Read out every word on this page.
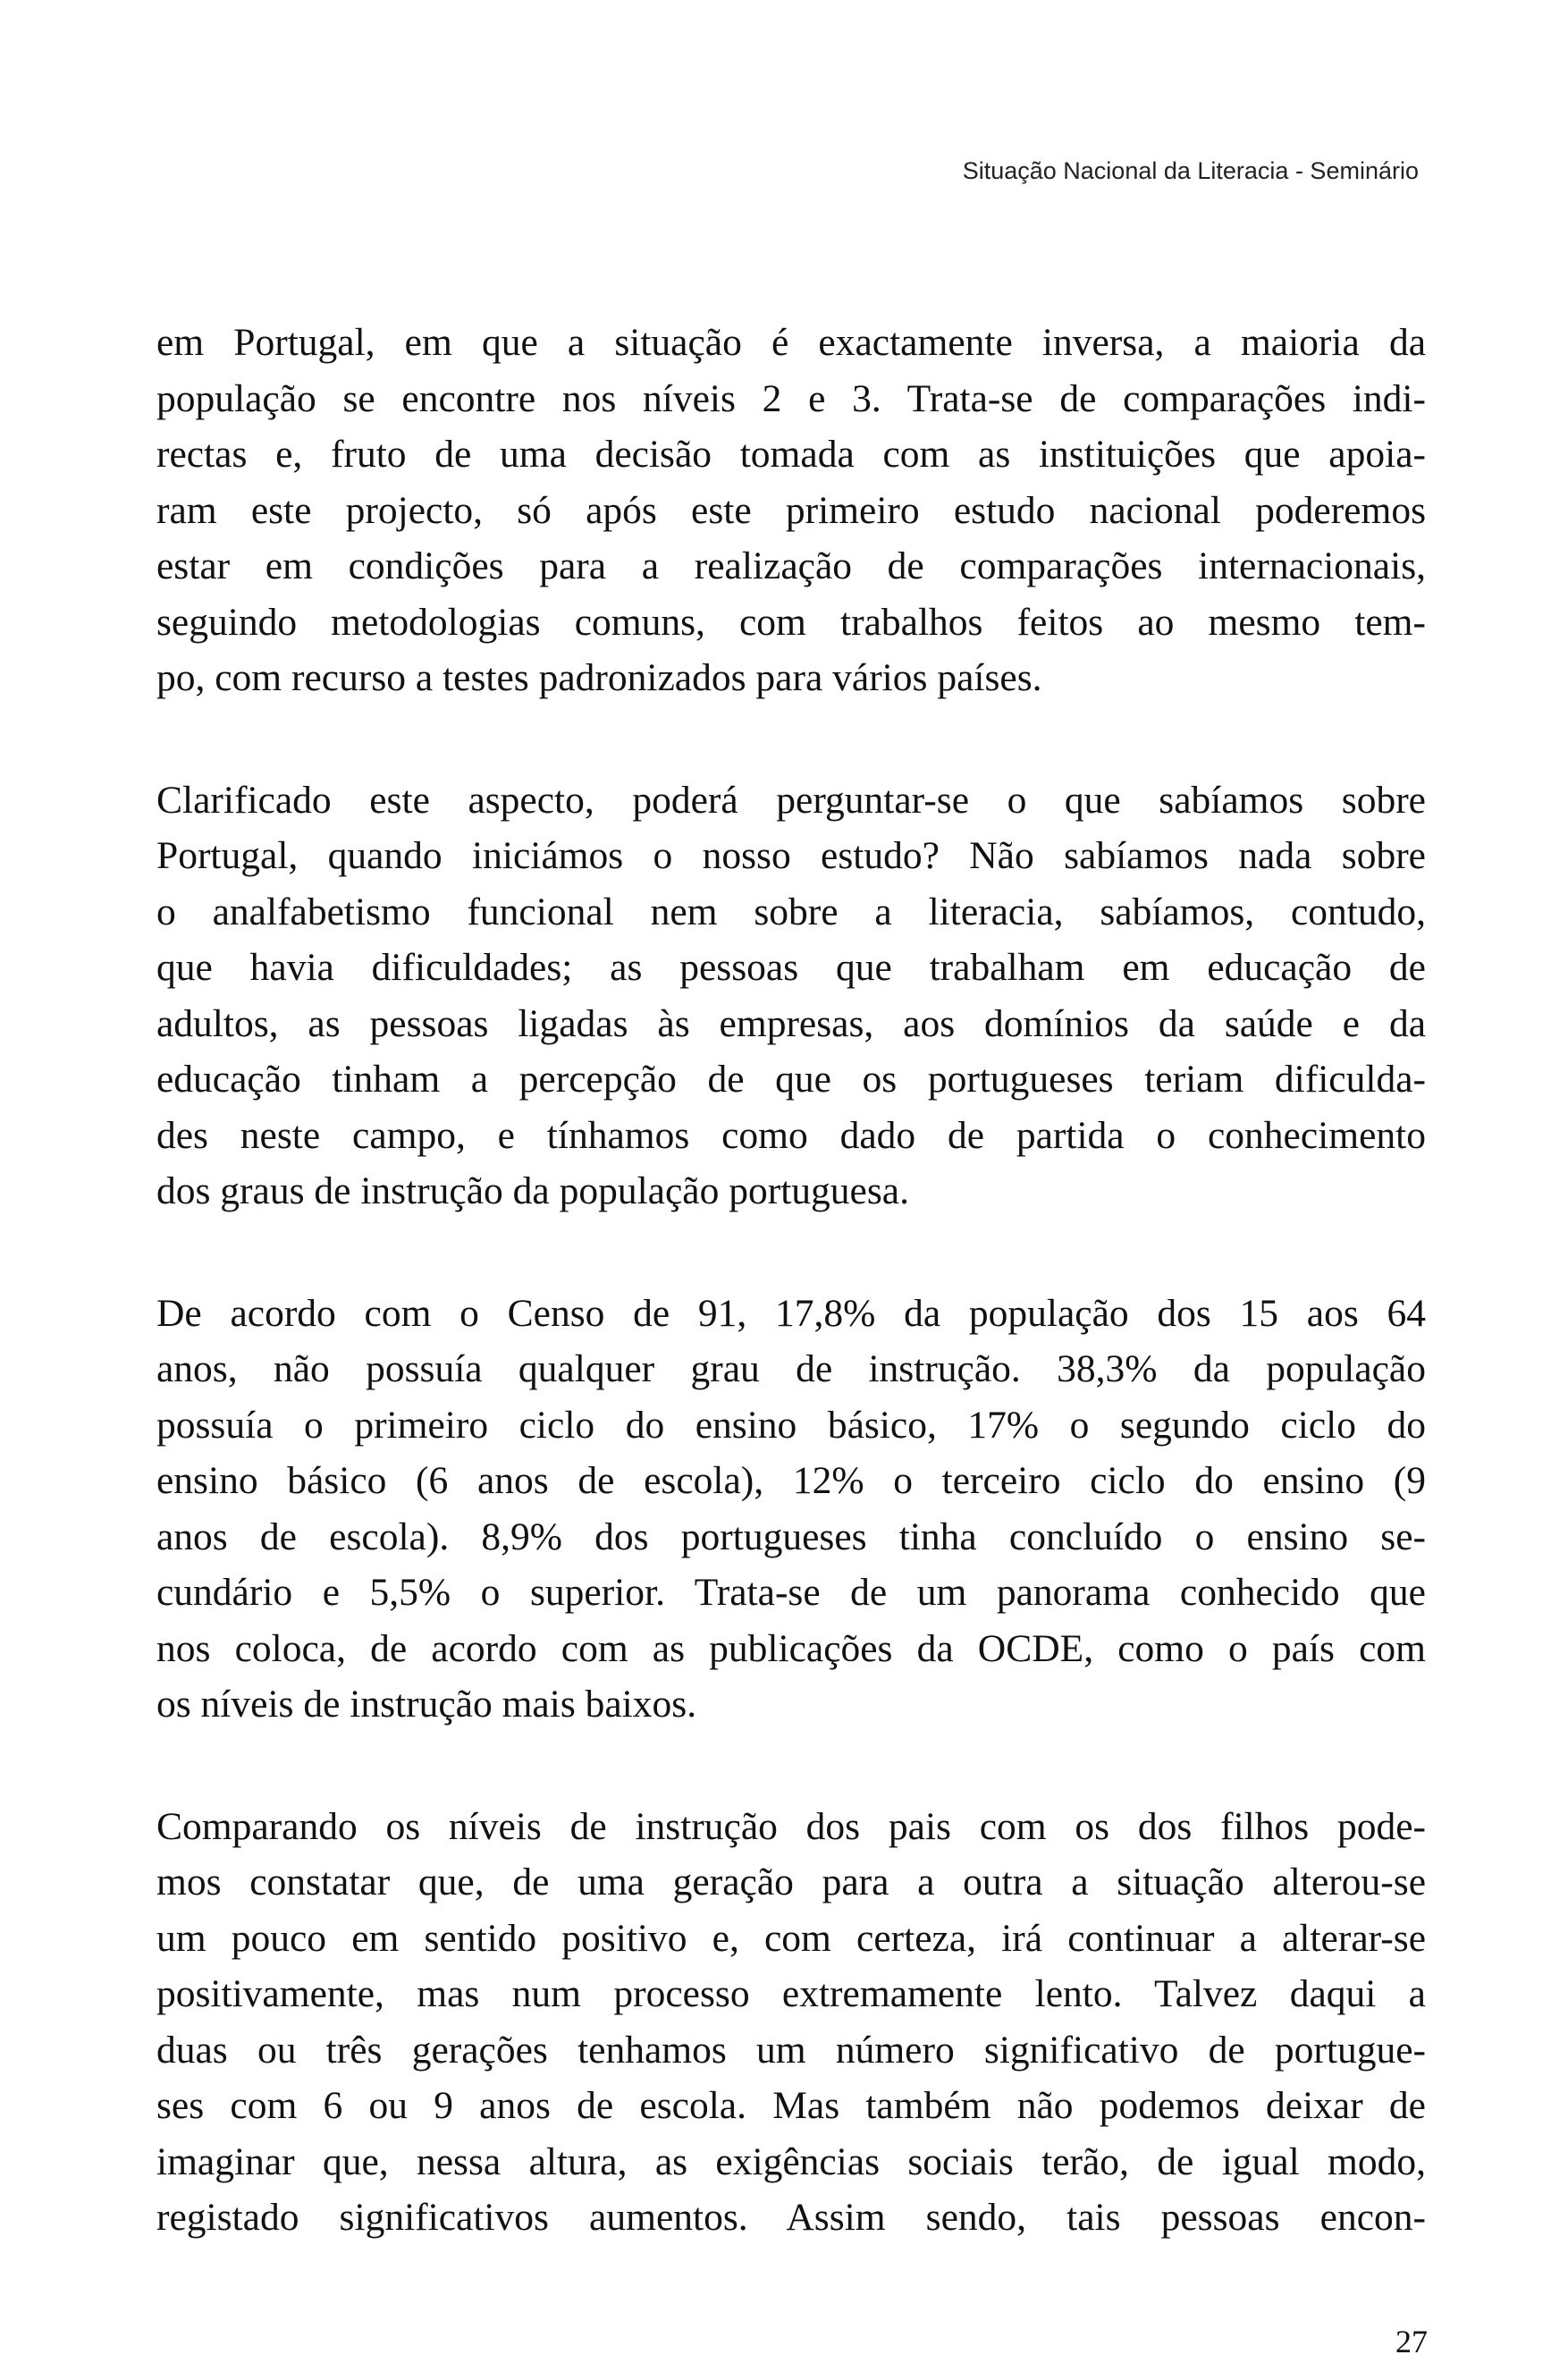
Situação Nacional da Literacia - Seminário

em Portugal, em que a situação é exactamente inversa, a maioria da
população se encontre nos níveis 2 e 3. Trata-se de comparações indi-
rectas e, fruto de uma decisão tomada com as instituições que apoia-
ram este projecto, só após este primeiro estudo nacional poderemos
estar em condições para a realização de comparações internacionais,
seguindo metodologias comuns, com trabalhos feitos ao mesmo tem-
po, com recurso a testes padronizados para vários países.

Clarificado este aspecto, poderá perguntar-se o que sabíamos sobre
Portugal, quando iniciámos o nosso estudo? Não sabíamos nada sobre
o analfabetismo funcional nem sobre a literacia, sabíamos, contudo,
que havia dificuldades; as pessoas que trabalham em educação de
adultos, as pessoas ligadas às empresas, aos domínios da saúde e da
educação tinham a percepção de que os portugueses teriam dificulda-
des neste campo, e tínhamos como dado de partida o conhecimento
dos graus de instrução da população portuguesa.

De acordo com o Censo de 91, 17,8% da população dos 15 aos 64
anos, não possuía qualquer grau de instrução. 38,3% da população
possuía o primeiro ciclo do ensino básico, 17% o segundo ciclo do
ensino básico (6 anos de escola), 12% o terceiro ciclo do ensino (9
anos de escola). 8,9% dos portugueses tinha concluído o ensino se-
cundário e 5,5% o superior. Trata-se de um panorama conhecido que
nos coloca, de acordo com as publicações da OCDE, como o país com
os níveis de instrução mais baixos.

Comparando os níveis de instrução dos pais com os dos filhos pode-
mos constatar que, de uma geração para a outra a situação alterou-se
um pouco em sentido positivo e, com certeza, irá continuar a alterar-se
positivamente, mas num processo extremamente lento. Talvez daqui a
duas ou três gerações tenhamos um número significativo de portugue-
ses com 6 ou 9 anos de escola. Mas também não podemos deixar de
imaginar que, nessa altura, as exigências sociais terão, de igual modo,
registado significativos aumentos. Assim sendo, tais pessoas encon-

27
